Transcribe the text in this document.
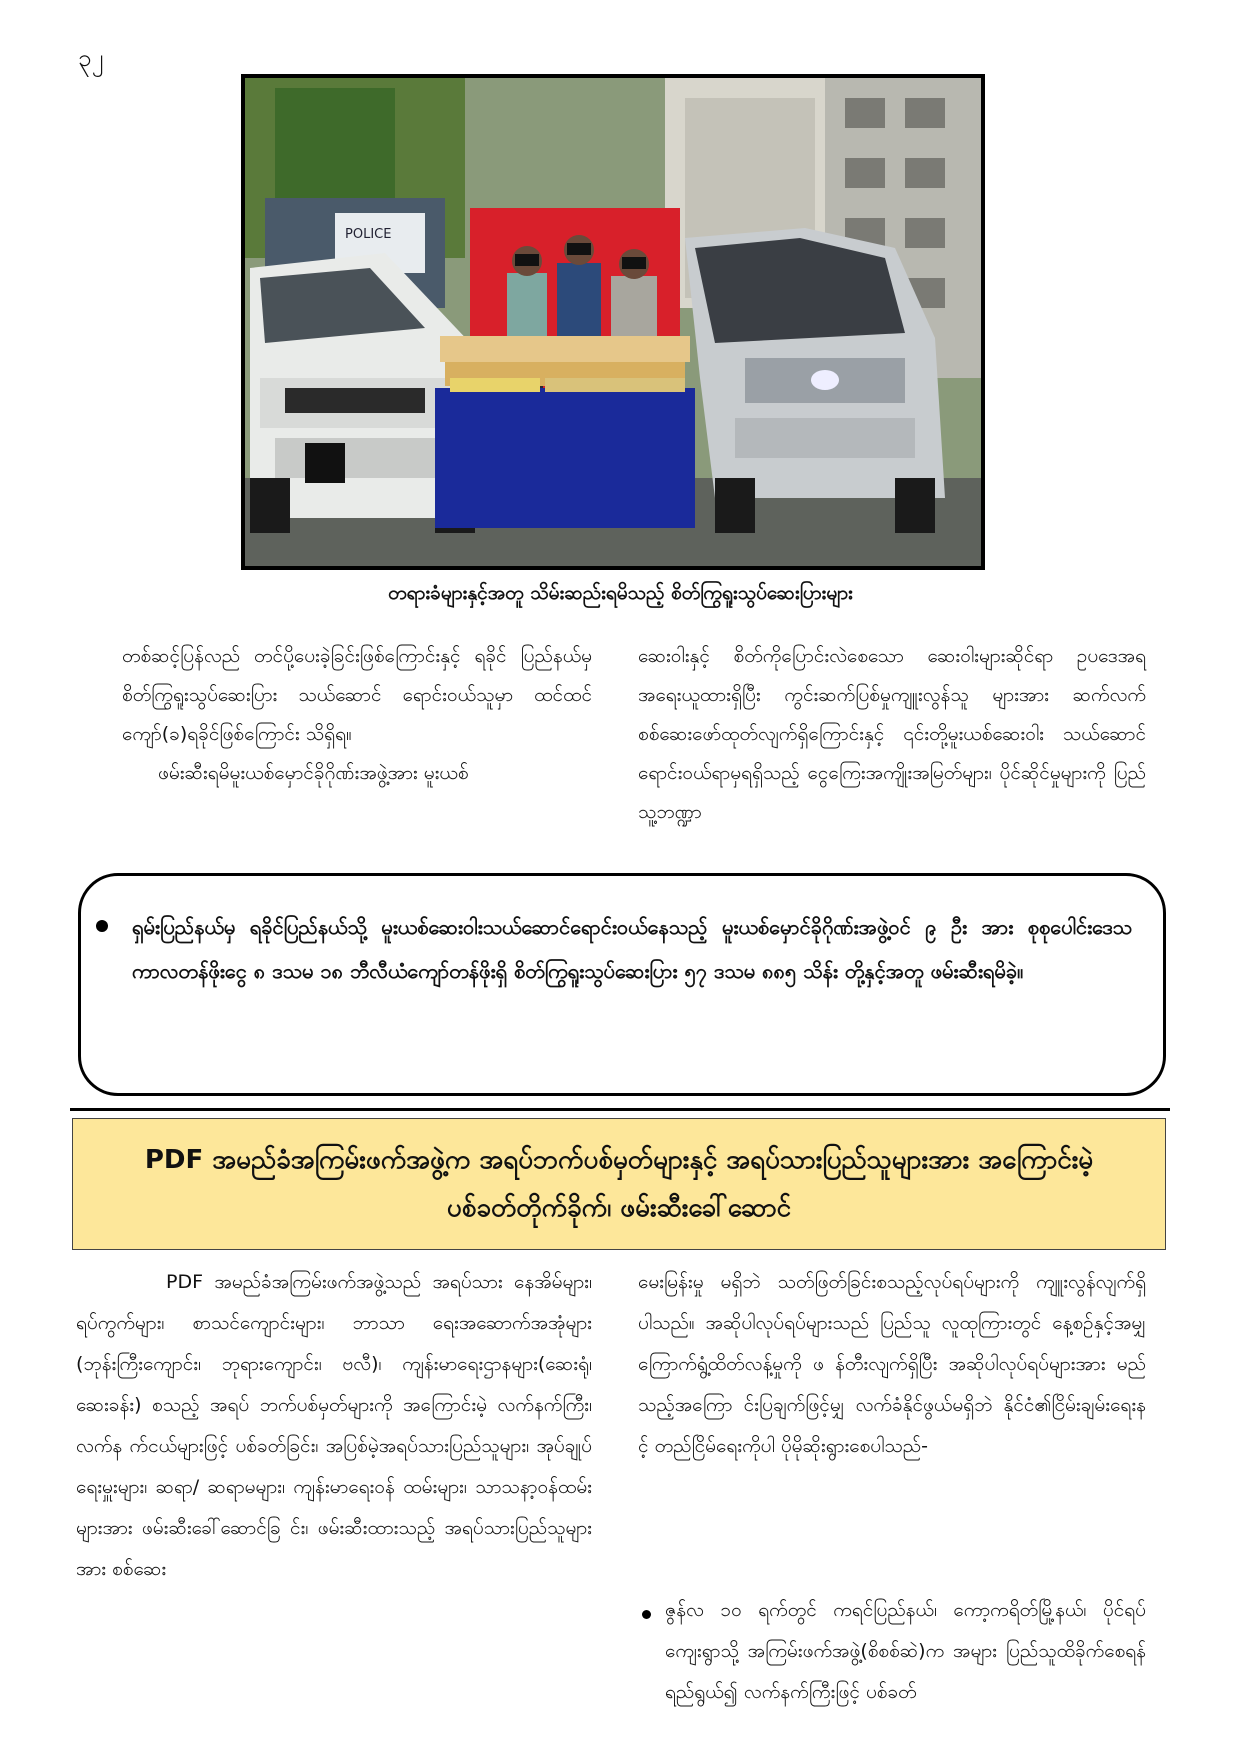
၃၂
POLICE
တရားခံများနှင့်အတူ သိမ်းဆည်းရမိသည့် စိတ်ကြွရူးသွပ်ဆေးပြားများ

တစ်ဆင့်ပြန်လည် တင်ပို့ပေးခဲ့ခြင်းဖြစ်ကြောင်းနှင့် ရခိုင် ပြည်နယ်မှ စိတ်ကြွရူးသွပ်ဆေးပြား သယ်ဆောင် ရောင်းဝယ်သူမှာ ထင်ထင်ကျော်(ခ)ရခိုင်ဖြစ်ကြောင်း သိရှိရ။

ဖမ်းဆီးရမိမူးယစ်မှောင်ခိုဂိုဏ်းအဖွဲ့အား မူးယစ်

ဆေးဝါးနှင့် စိတ်ကိုပြောင်းလဲစေသော ဆေးဝါးများဆိုင်ရာ ဥပဒေအရ အရေးယူထားရှိပြီး ကွင်းဆက်ပြစ်မှုကျူးလွန်သူ များအား ဆက်လက်စစ်ဆေးဖော်ထုတ်လျက်ရှိကြောင်းနှင့် ၎င်းတို့မူးယစ်ဆေးဝါး သယ်ဆောင်ရောင်းဝယ်ရာမှရရှိသည့် ငွေကြေးအကျိုးအမြတ်များ၊ ပိုင်ဆိုင်မှုများကို ပြည်သူ့ဘဏ္ဍာ

ရှမ်းပြည်နယ်မှ ရခိုင်ပြည်နယ်သို့ မူးယစ်ဆေးဝါးသယ်ဆောင်ရောင်းဝယ်နေသည့် မူးယစ်မှောင်ခိုဂိုဏ်းအဖွဲ့ဝင် ၉ ဦး အား စုစုပေါင်းဒေသကာလတန်ဖိုးငွေ ၈ ဒသမ ၁၈ ဘီလီယံကျော်တန်ဖိုးရှိ စိတ်ကြွရူးသွပ်ဆေးပြား ၅၇ ဒသမ ၈၈၅ သိန်း တို့နှင့်အတူ ဖမ်းဆီးရမိခဲ့။
PDF အမည်ခံအကြမ်းဖက်အဖွဲ့က အရပ်ဘက်ပစ်မှတ်များနှင့် အရပ်သားပြည်သူများအား အကြောင်းမဲ့ ပစ်ခတ်တိုက်ခိုက်၊ ဖမ်းဆီးခေါ်ဆောင်

PDF အမည်ခံအကြမ်းဖက်အဖွဲ့သည် အရပ်သား နေအိမ်များ၊ ရပ်ကွက်များ၊ စာသင်ကျောင်းများ၊ ဘာသာ ရေးအဆောက်အအုံများ (ဘုန်းကြီးကျောင်း၊ ဘုရားကျောင်း၊ ဗလီ)၊ ကျန်းမာရေးဌာနများ(ဆေးရုံ၊ ဆေးခန်း) စသည့် အရပ် ဘက်ပစ်မှတ်များကို အကြောင်းမဲ့ လက်နက်ကြီး၊ လက်န က်ငယ်များဖြင့် ပစ်ခတ်ခြင်း၊ အပြစ်မဲ့အရပ်သားပြည်သူများ၊ အုပ်ချုပ် ရေးမှူးများ၊ ဆရာ/ ဆရာမများ၊ ကျန်းမာရေးဝန် ထမ်းများ၊ သာသနာ့ဝန်ထမ်းများအား ဖမ်းဆီးခေါ်ဆောင်ခြ င်း၊ ဖမ်းဆီးထားသည့် အရပ်သားပြည်သူများအား စစ်ဆေး

မေးမြန်းမှု မရှိဘဲ သတ်ဖြတ်ခြင်းစသည့်လုပ်ရပ်များကို ကျူးလွန်လျက်ရှိပါသည်။ အဆိုပါလုပ်ရပ်များသည် ပြည်သူ လူထုကြားတွင် နေ့စဉ်နှင့်အမျှ ကြောက်ရွံ့ထိတ်လန့်မှုကို ဖ န်တီးလျက်ရှိပြီး အဆိုပါလုပ်ရပ်များအား မည်သည့်အကြော င်းပြချက်ဖြင့်မျှ လက်ခံနိုင်ဖွယ်မရှိဘဲ နိုင်ငံ၏ငြိမ်းချမ်းရေးန င့် တည်ငြိမ်ရေးကိုပါ ပိုမိုဆိုးရွားစေပါသည်-

ဇွန်လ ၁၀ ရက်တွင် ကရင်ပြည်နယ်၊ ကော့ကရိတ်မြို့နယ်၊ ပိုင်ရပ်ကျေးရွာသို့ အကြမ်းဖက်အဖွဲ့(စိစစ်ဆဲ)က အများ ပြည်သူထိခိုက်စေရန်ရည်ရွယ်၍ လက်နက်ကြီးဖြင့် ပစ်ခတ်
